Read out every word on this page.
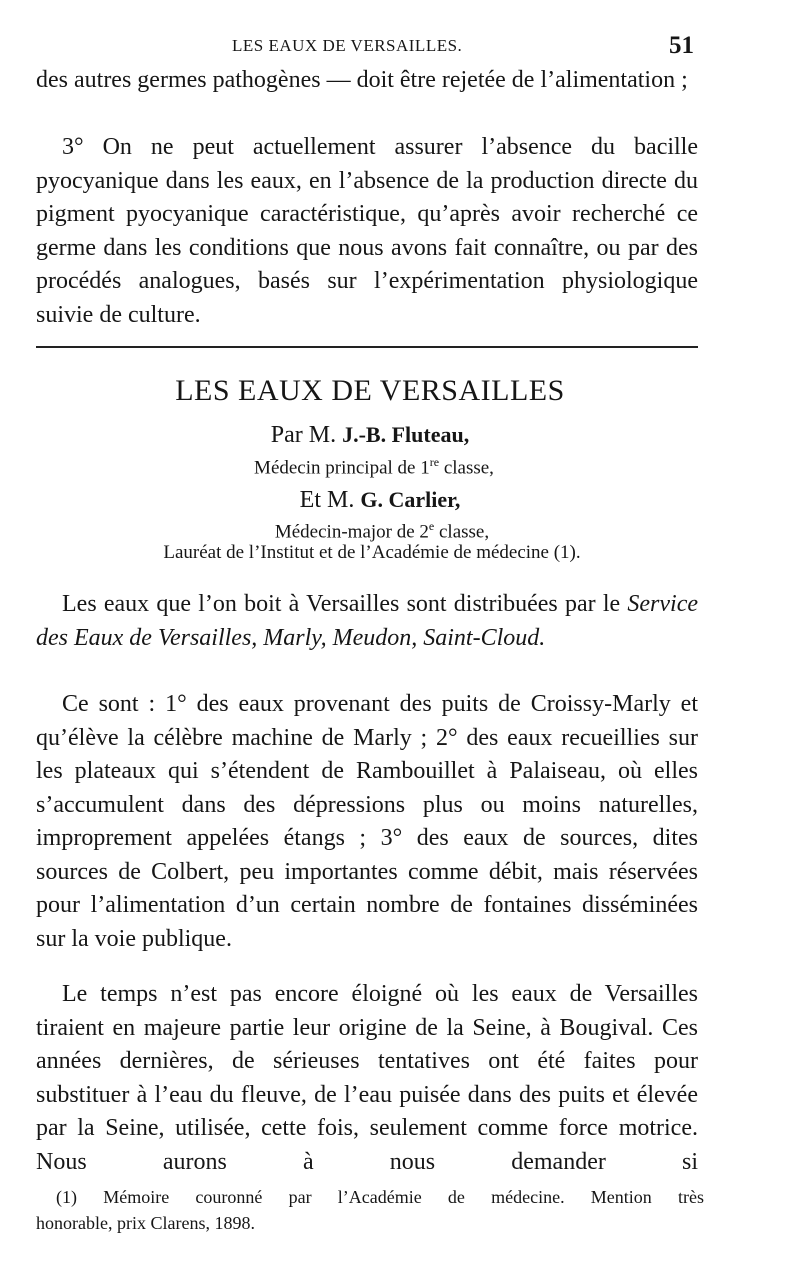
LES EAUX DE VERSAILLES.	51

des autres germes pathogènes — doit être rejetée de l’alimentation ;

3° On ne peut actuellement assurer l’absence du bacille pyocyanique dans les eaux, en l’absence de la production directe du pigment pyocyanique caractéristique, qu’après avoir recherché ce germe dans les conditions que nous avons fait connaître, ou par des procédés analogues, basés sur l’expérimentation physiologique suivie de culture.

LES EAUX DE VERSAILLES
Par M. J.-B. Fluteau,
Médecin principal de 1re classe,
Et M. G. Carlier,
Médecin-major de 2e classe,
Lauréat de l’Institut et de l’Académie de médecine (1).

Les eaux que l’on boit à Versailles sont distribuées par le Service des Eaux de Versailles, Marly, Meudon, Saint-Cloud.

Ce sont : 1° des eaux provenant des puits de Croissy-Marly et qu’élève la célèbre machine de Marly ; 2° des eaux recueillies sur les plateaux qui s’étendent de Rambouillet à Palaiseau, où elles s’accumulent dans des dépressions plus ou moins naturelles, improprement appelées étangs ; 3° des eaux de sources, dites sources de Colbert, peu importantes comme débit, mais réservées pour l’alimentation d’un certain nombre de fontaines disséminées sur la voie publique.

Le temps n’est pas encore éloigné où les eaux de Versailles tiraient en majeure partie leur origine de la Seine, à Bougival. Ces années dernières, de sérieuses tentatives ont été faites pour substituer à l’eau du fleuve, de l’eau puisée dans des puits et élevée par la Seine, utilisée, cette fois, seulement comme force motrice. Nous aurons à nous demander si

(1) Mémoire couronné par l’Académie de médecine. Mention très
honorable, prix Clarens, 1898.
